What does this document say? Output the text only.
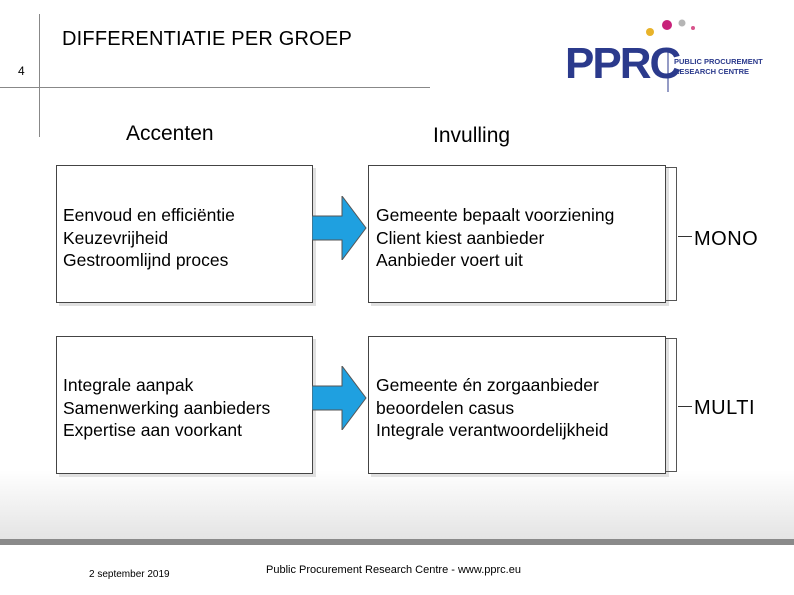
DIFFERENTIATIE PER GROEP
4	PPRC
PUBLIC PROCUREMENT
RESEARCH CENTRE
Accenten	Invulling
Eenvoud en efficiëntie
Keuzevrijheid
Gestroomlijnd proces
Gemeente bepaalt voorziening
Client kiest aanbieder
Aanbieder voert uit
MONO
Integrale aanpak
Samenwerking aanbieders
Expertise aan voorkant
Gemeente én zorgaanbieder
beoordelen casus
Integrale verantwoordelijkheid
MULTI
2 september 2019	Public Procurement Research Centre - www.pprc.eu
